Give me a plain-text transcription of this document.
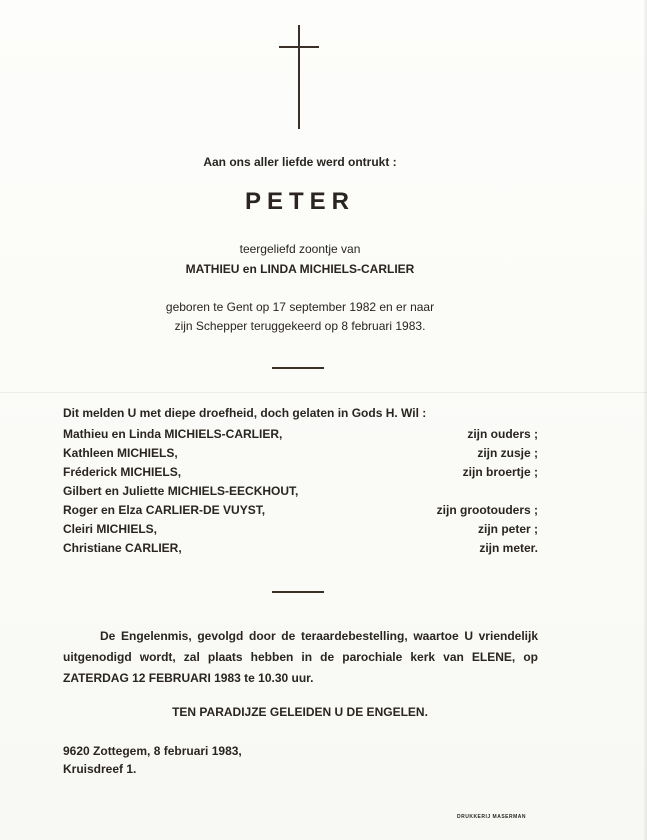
Aan ons aller liefde werd ontrukt :
PETER
teergeliefd zoontje van
MATHIEU en LINDA MICHIELS-CARLIER
geboren te Gent op 17 september 1982 en er naar
zijn Schepper teruggekeerd op 8 februari 1983.
Dit melden U met diepe droefheid, doch gelaten in Gods H. Wil :
Mathieu en Linda MICHIELS-CARLIER,	zijn ouders ;
Kathleen MICHIELS,	zijn zusje ;
Fréderick MICHIELS,	zijn broertje ;
Gilbert en Juliette MICHIELS-EECKHOUT,
Roger en Elza CARLIER-DE VUYST,	zijn grootouders ;
Cleiri MICHIELS,	zijn peter ;
Christiane CARLIER,	zijn meter.
De Engelenmis, gevolgd door de teraardebestelling, waartoe U vriendelijk uitgenodigd wordt, zal plaats hebben in de parochiale kerk van ELENE, op ZATERDAG 12 FEBRUARI 1983 te 10.30 uur.
TEN PARADIJZE GELEIDEN U DE ENGELEN.
9620 Zottegem, 8 februari 1983,
Kruisdreef 1.
DRUKKERIJ MASERMAN
